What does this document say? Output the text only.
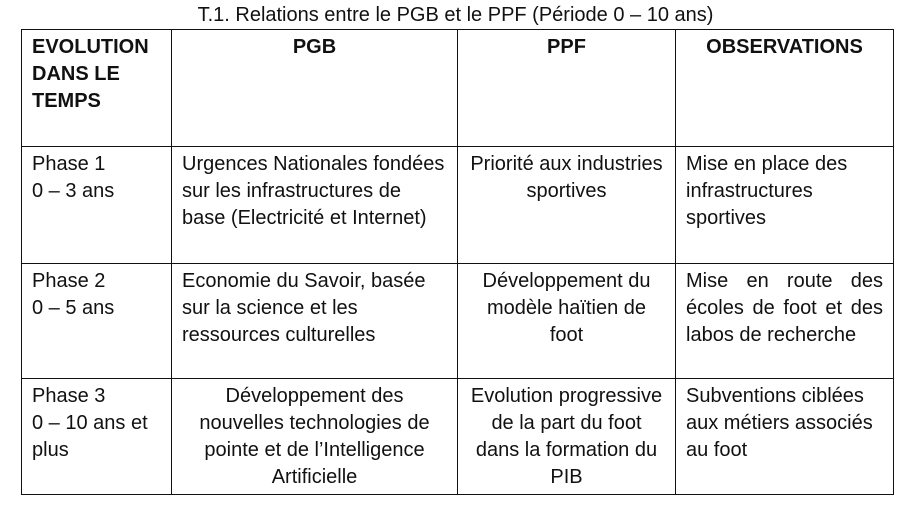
T.1. Relations entre le PGB et le PPF (Période 0 – 10 ans)
EVOLUTION DANS LE TEMPS	PGB	PPF	OBSERVATIONS

Phase 1
0 – 3 ans	Urgences Nationales fondées sur les infrastructures de base (Electricité et Internet)	Priorité aux industries sportives	Mise en place des infrastructures sportives

Phase 2
0 – 5 ans	Economie du Savoir, basée sur la science et les ressources culturelles	Développement du modèle haïtien de foot	Mise en route des écoles de foot et des labos de recherche

Phase 3
0 – 10 ans et plus	Développement des nouvelles technologies de pointe et de l’Intelligence Artificielle	Evolution progressive de la part du foot dans la formation du PIB	Subventions ciblées aux métiers associés au foot
